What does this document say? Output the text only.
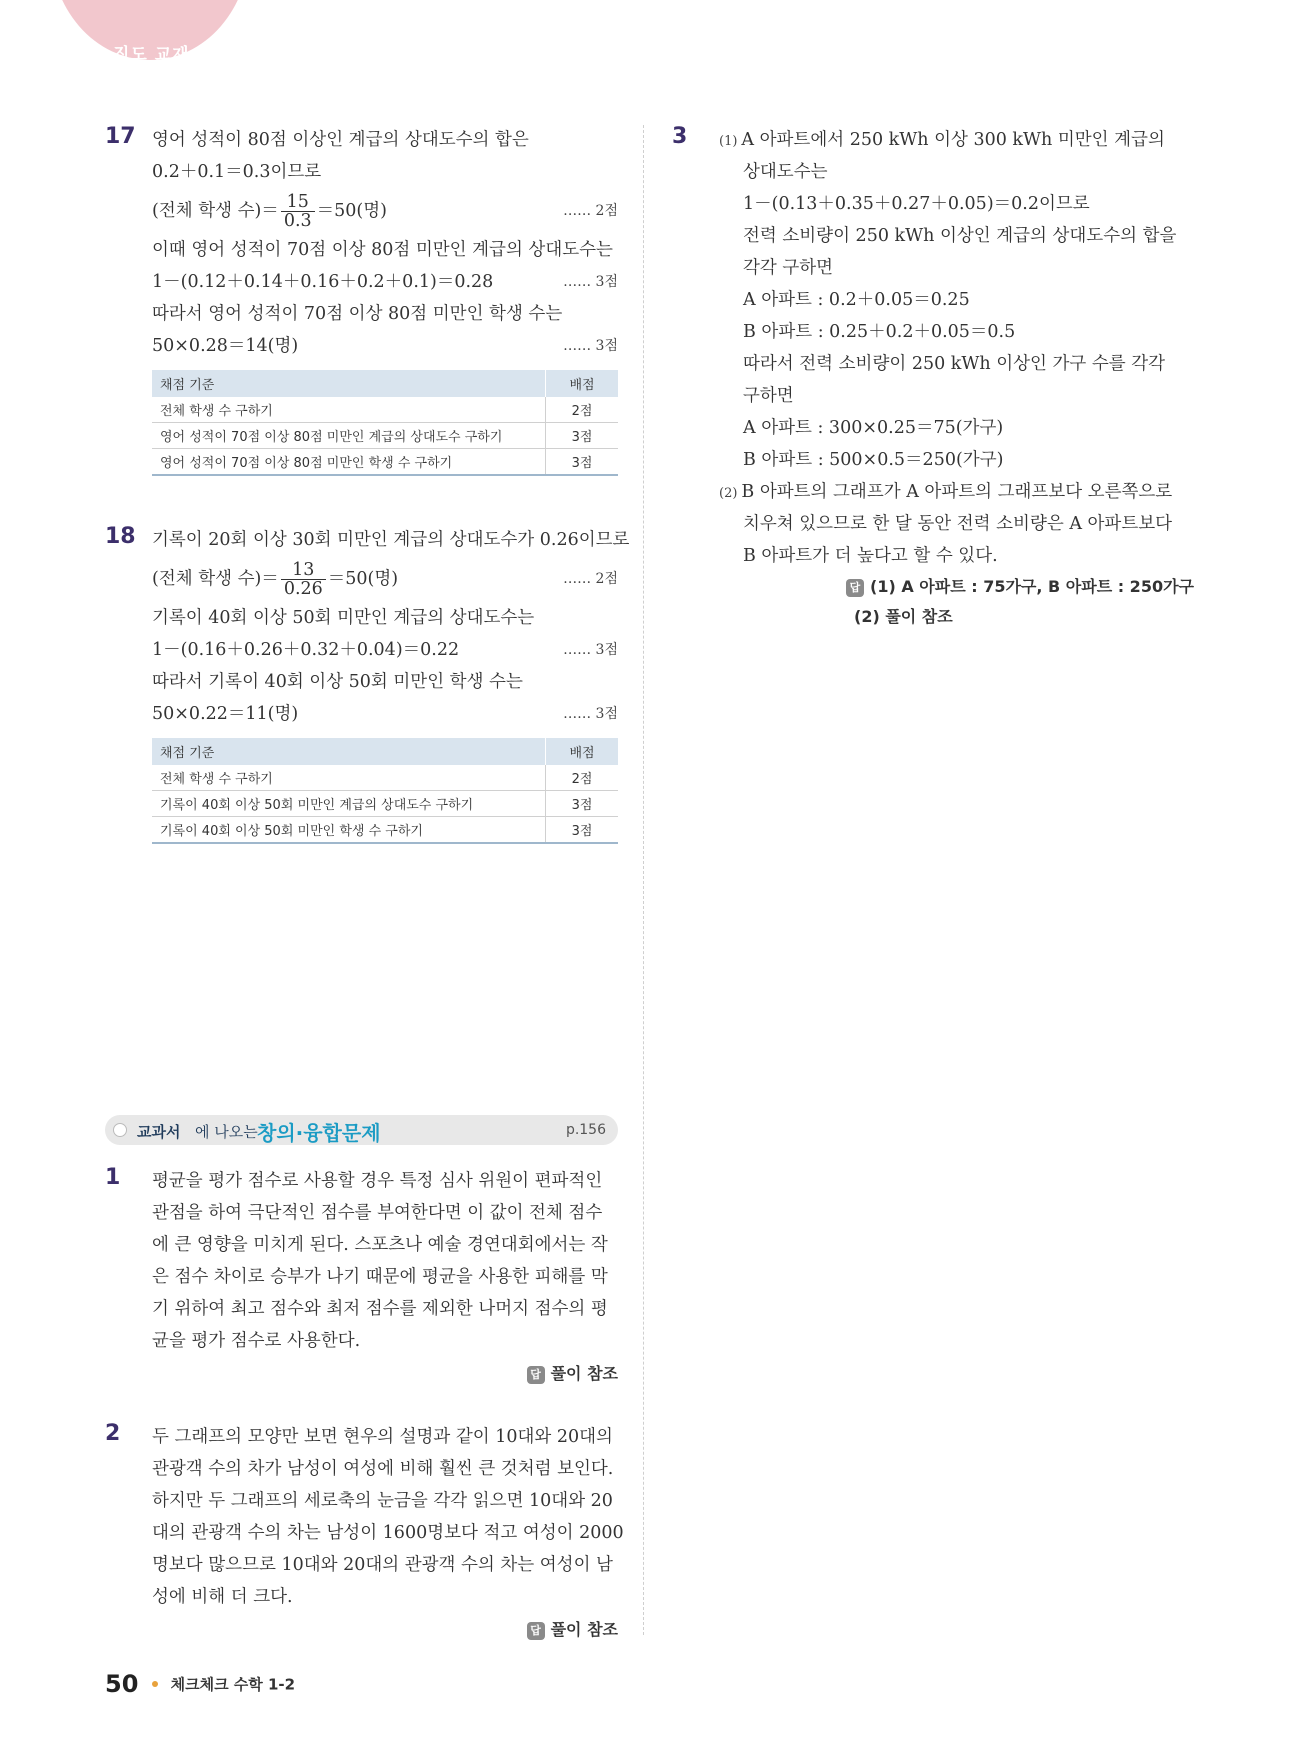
진도 교재
17 영어 성적이 80점 이상인 계급의 상대도수의 합은
0.2＋0.1＝0.3이므로
(전체 학생 수)＝ $\frac{15}{0.3} =50$(명)	…… 2점
이때 영어 성적이 70점 이상 80점 미만인 계급의 상대도수는
1－(0.12＋0.14＋0.16＋0.2＋0.1)＝0.28	…… 3점
따라서 영어 성적이 70점 이상 80점 미만인 학생 수는
50×0.28＝14(명)	…… 3점
채점 기준	배점
전체 학생 수 구하기	2점
영어 성적이 70점 이상 80점 미만인 계급의 상대도수 구하기	3점
영어 성적이 70점 이상 80점 미만인 학생 수 구하기	3점
18 기록이 20회 이상 30회 미만인 계급의 상대도수가 0.26이므로
(전체 학생 수)＝ $\frac{13}{0.26} =50$(명)	…… 2점
기록이 40회 이상 50회 미만인 계급의 상대도수는
1－(0.16＋0.26＋0.32＋0.04)＝0.22	…… 3점
따라서 기록이 40회 이상 50회 미만인 학생 수는
50×0.22＝11(명)	…… 3점
채점 기준	배점
전체 학생 수 구하기	2점
기록이 40회 이상 50회 미만인 계급의 상대도수 구하기	3점
기록이 40회 이상 50회 미만인 학생 수 구하기	3점
교과서 에 나오는 창의·융합문제	p.156
1 평균을 평가 점수로 사용할 경우 특정 심사 위원이 편파적인
관점을 하여 극단적인 점수를 부여한다면 이 값이 전체 점수
에 큰 영향을 미치게 된다. 스포츠나 예술 경연대회에서는 작
은 점수 차이로 승부가 나기 때문에 평균을 사용한 피해를 막
기 위하여 최고 점수와 최저 점수를 제외한 나머지 점수의 평
균을 평가 점수로 사용한다.
답 풀이 참조
2 두 그래프의 모양만 보면 현우의 설명과 같이 10대와 20대의
관광객 수의 차가 남성이 여성에 비해 훨씬 큰 것처럼 보인다.
하지만 두 그래프의 세로축의 눈금을 각각 읽으면 10대와 20
대의 관광객 수의 차는 남성이 1600명보다 적고 여성이 2000
명보다 많으므로 10대와 20대의 관광객 수의 차는 여성이 남
성에 비해 더 크다.
답 풀이 참조
3 (1) A 아파트에서 250 kWh 이상 300 kWh 미만인 계급의
상대도수는
1－(0.13＋0.35＋0.27＋0.05)＝0.2이므로
전력 소비량이 250 kWh 이상인 계급의 상대도수의 합을
각각 구하면
A 아파트 : 0.2＋0.05＝0.25
B 아파트 : 0.25＋0.2＋0.05＝0.5
따라서 전력 소비량이 250 kWh 이상인 가구 수를 각각
구하면
A 아파트 : 300×0.25＝75(가구)
B 아파트 : 500×0.5＝250(가구)
(2) B 아파트의 그래프가 A 아파트의 그래프보다 오른쪽으로
치우쳐 있으므로 한 달 동안 전력 소비량은 A 아파트보다
B 아파트가 더 높다고 할 수 있다.
답 (1) A 아파트 : 75가구, B 아파트 : 250가구
(2) 풀이 참조
50 체크체크 수학 1-2
